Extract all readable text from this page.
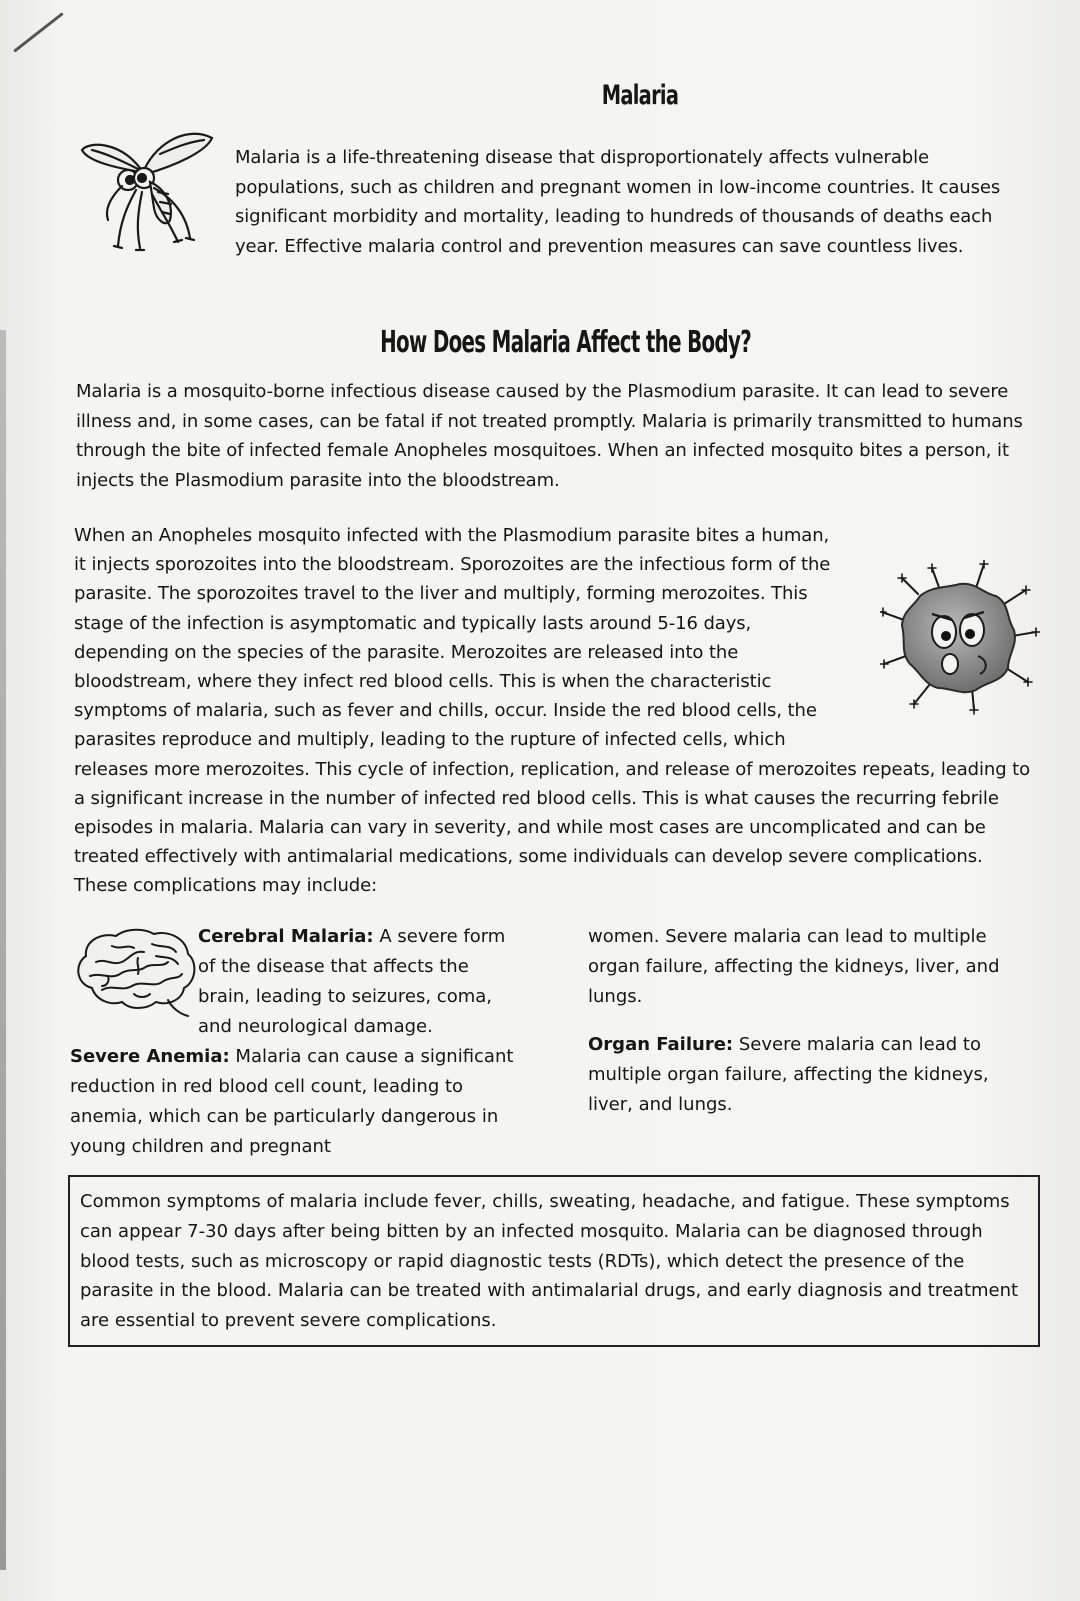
Malaria

Malaria is a life-threatening disease that disproportionately affects vulnerable populations, such as children and pregnant women in low-income countries. It causes significant morbidity and mortality, leading to hundreds of thousands of deaths each year. Effective malaria control and prevention measures can save countless lives.

How Does Malaria Affect the Body?

Malaria is a mosquito-borne infectious disease caused by the Plasmodium parasite. It can lead to severe illness and, in some cases, can be fatal if not treated promptly. Malaria is primarily transmitted to humans through the bite of infected female Anopheles mosquitoes. When an infected mosquito bites a person, it injects the Plasmodium parasite into the bloodstream.

When an Anopheles mosquito infected with the Plasmodium parasite bites a human, it injects sporozoites into the bloodstream. Sporozoites are the infectious form of the parasite. The sporozoites travel to the liver and multiply, forming merozoites. This stage of the infection is asymptomatic and typically lasts around 5-16 days, depending on the species of the parasite. Merozoites are released into the bloodstream, where they infect red blood cells. This is when the characteristic symptoms of malaria, such as fever and chills, occur. Inside the red blood cells, the parasites reproduce and multiply, leading to the rupture of infected cells, which releases more merozoites. This cycle of infection, replication, and release of merozoites repeats, leading to a significant increase in the number of infected red blood cells. This is what causes the recurring febrile episodes in malaria. Malaria can vary in severity, and while most cases are uncomplicated and can be treated effectively with antimalarial medications, some individuals can develop severe complications. These complications may include:

Cerebral Malaria: A severe form of the disease that affects the brain, leading to seizures, coma, and neurological damage.

Severe Anemia: Malaria can cause a significant reduction in red blood cell count, leading to anemia, which can be particularly dangerous in young children and pregnant

women. Severe malaria can lead to multiple organ failure, affecting the kidneys, liver, and lungs.

Organ Failure: Severe malaria can lead to multiple organ failure, affecting the kidneys, liver, and lungs.

Common symptoms of malaria include fever, chills, sweating, headache, and fatigue. These symptoms can appear 7-30 days after being bitten by an infected mosquito. Malaria can be diagnosed through blood tests, such as microscopy or rapid diagnostic tests (RDTs), which detect the presence of the parasite in the blood. Malaria can be treated with antimalarial drugs, and early diagnosis and treatment are essential to prevent severe complications.
